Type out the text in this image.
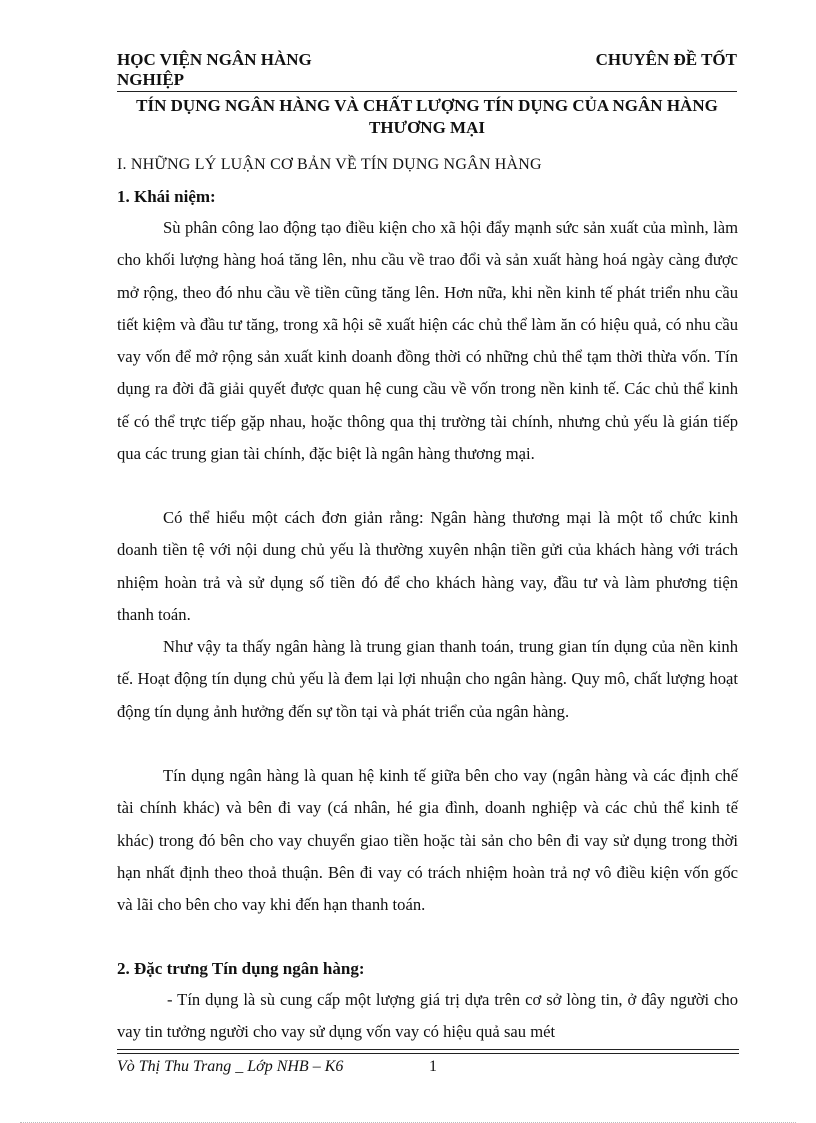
HỌC VIỆN NGÂN HÀNG NGHIỆP
CHUYÊN ĐỀ TỐT
TÍN DỤNG NGÂN HÀNG VÀ CHẤT LƯỢNG TÍN DỤNG CỦA NGÂN HÀNG THƯƠNG MẠI
I. NHỮNG LÝ LUẬN CƠ BẢN VỀ TÍN DỤNG NGÂN HÀNG
1. Khái niệm:

Sù phân công lao động tạo điều kiện cho xã hội đẩy mạnh sức sản xuất của mình, làm cho khối lượng hàng hoá tăng lên, nhu cầu về trao đổi và sản xuất hàng hoá ngày càng được mở rộng, theo đó nhu cầu về tiền cũng tăng lên. Hơn nữa, khi nền kinh tế phát triển nhu cầu tiết kiệm và đầu tư tăng, trong xã hội sẽ xuất hiện các chủ thể làm ăn có hiệu quả, có nhu cầu vay vốn để mở rộng sản xuất kinh doanh đồng thời có những chủ thể tạm thời thừa vốn. Tín dụng ra đời đã giải quyết được quan hệ cung cầu về vốn trong nền kinh tế. Các chủ thể kinh tế có thể trực tiếp gặp nhau, hoặc thông qua thị trường tài chính, nhưng chủ yếu là gián tiếp qua các trung gian tài chính, đặc biệt là ngân hàng thương mại.

Có thể hiểu một cách đơn giản rằng: Ngân hàng thương mại là một tổ chức kinh doanh tiền tệ với nội dung chủ yếu là thường xuyên nhận tiền gửi của khách hàng với trách nhiệm hoàn trả và sử dụng số tiền đó để cho khách hàng vay, đầu tư và làm phương tiện thanh toán.

Như vậy ta thấy ngân hàng là trung gian thanh toán, trung gian tín dụng của nền kinh tế. Hoạt động tín dụng chủ yếu là đem lại lợi nhuận cho ngân hàng. Quy mô, chất lượng hoạt động tín dụng ảnh hưởng đến sự tồn tại và phát triển của ngân hàng.

Tín dụng ngân hàng là quan hệ kinh tế giữa bên cho vay (ngân hàng và các định chế tài chính khác) và bên đi vay (cá nhân, hé gia đình, doanh nghiệp và các chủ thể kinh tế khác) trong đó bên cho vay chuyển giao tiền hoặc tài sản cho bên đi vay sử dụng trong thời hạn nhất định theo thoả thuận. Bên đi vay có trách nhiệm hoàn trả nợ vô điều kiện vốn gốc và lãi cho bên cho vay khi đến hạn thanh toán.

2. Đặc trưng Tín dụng ngân hàng:

- Tín dụng là sù cung cấp một lượng giá trị dựa trên cơ sở lòng tin, ở đây người cho vay tin tưởng người cho vay sử dụng vốn vay có hiệu quả sau mét

Vò Thị Thu Trang _ Lớp NHB – K6	1
